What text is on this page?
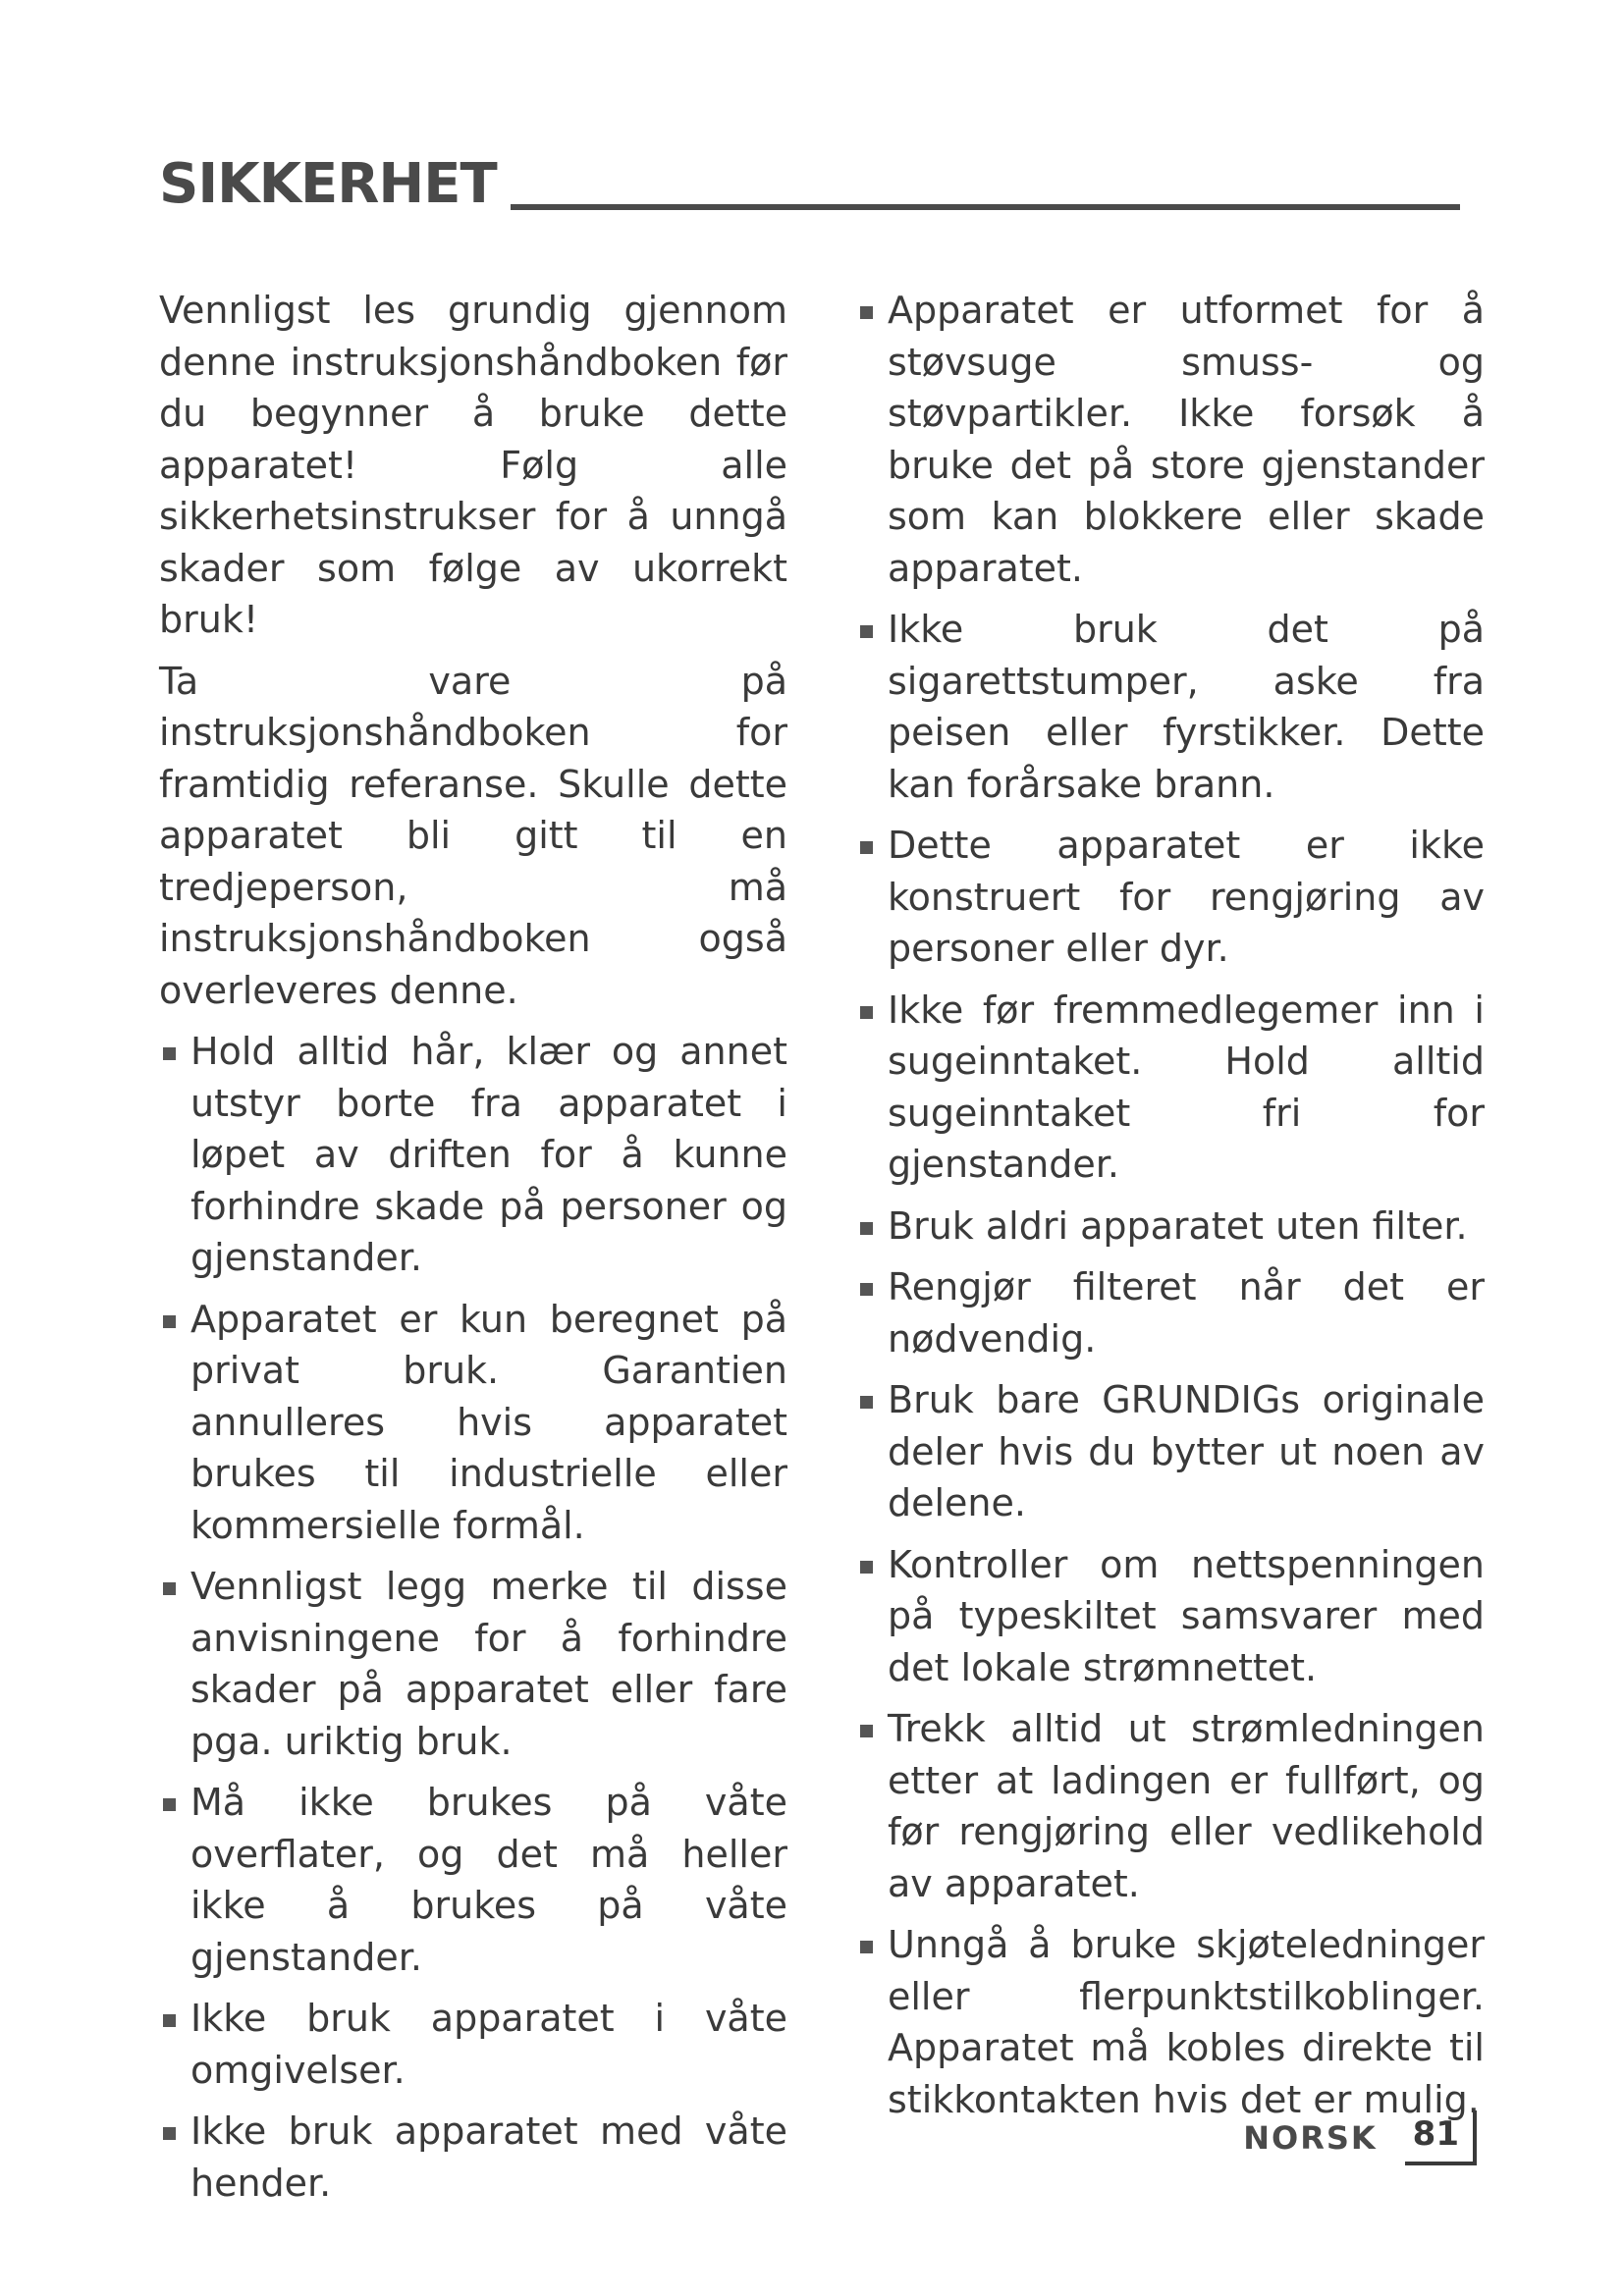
SIKKERHET

Vennligst les grundig gjennom denne instruksjonshåndboken før du begynner å bruke dette apparatet! Følg alle sikkerhetsinstrukser for å unngå skader som følge av ukorrekt bruk!

Ta vare på instruksjonshåndboken for framtidig referanse. Skulle dette apparatet bli gitt til en tredjeperson, må instruksjonshåndboken også overleveres denne.

Hold alltid hår, klær og annet utstyr borte fra apparatet i løpet av driften for å kunne forhindre skade på personer og gjenstander.
Apparatet er kun beregnet på privat bruk. Garantien annulleres hvis apparatet brukes til industrielle eller kommersielle formål.
Vennligst legg merke til disse anvisningene for å forhindre skader på apparatet eller fare pga. uriktig bruk.
Må ikke brukes på våte overflater, og det må heller ikke å brukes på våte gjenstander.
Ikke bruk apparatet i våte omgivelser.
Ikke bruk apparatet med våte hender.
Apparatet er utformet for å støvsuge smuss- og støvpartikler. Ikke forsøk å bruke det på store gjenstander som kan blokkere eller skade apparatet.
Ikke bruk det på sigarettstumper, aske fra peisen eller fyrstikker. Dette kan forårsake brann.
Dette apparatet er ikke konstruert for rengjøring av personer eller dyr.
Ikke før fremmedlegemer inn i sugeinntaket. Hold alltid sugeinntaket fri for gjenstander.
Bruk aldri apparatet uten filter.
Rengjør filteret når det er nødvendig.
Bruk bare GRUNDIGs originale deler hvis du bytter ut noen av delene.
Kontroller om nettspenningen på typeskiltet samsvarer med det lokale strømnettet.
Trekk alltid ut strømledningen etter at ladingen er fullført, og før rengjøring eller vedlikehold av apparatet.
Unngå å bruke skjøteledninger eller flerpunktstilkoblinger. Apparatet må kobles direkte til stikkontakten hvis det er mulig.
NORSK 81
